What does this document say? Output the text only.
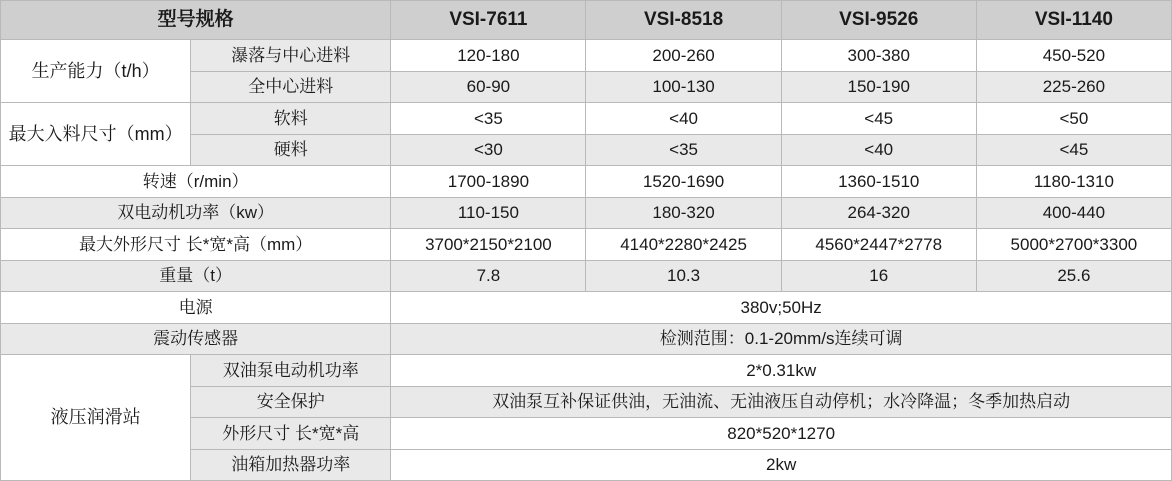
型号规格		VSI-7611	VSI-8518	VSI-9526	VSI-1140
生产能力（t/h）	瀑落与中心进料	120-180	200-260	300-380	450-520
	全中心进料	60-90	100-130	150-190	225-260
最大入料尺寸（mm）	软料	<35	<40	<45	<50
	硬料	<30	<35	<40	<45
转速（r/min）		1700-1890	1520-1690	1360-1510	1180-1310
双电动机功率（kw）		110-150	180-320	264-320	400-440
最大外形尺寸 长*宽*高（mm）		3700*2150*2100	4140*2280*2425	4560*2447*2778	5000*2700*3300
重量（t）		7.8	10.3	16	25.6
电源		380v;50Hz			
震动传感器		检测范围：0.1-20mm/s连续可调			
液压润滑站	双油泵电动机功率	2*0.31kw			
	安全保护	双油泵互补保证供油，无油流、无油液压自动停机；水冷降温；冬季加热启动			
	外形尺寸 长*宽*高	820*520*1270			
	油箱加热器功率	2kw			
